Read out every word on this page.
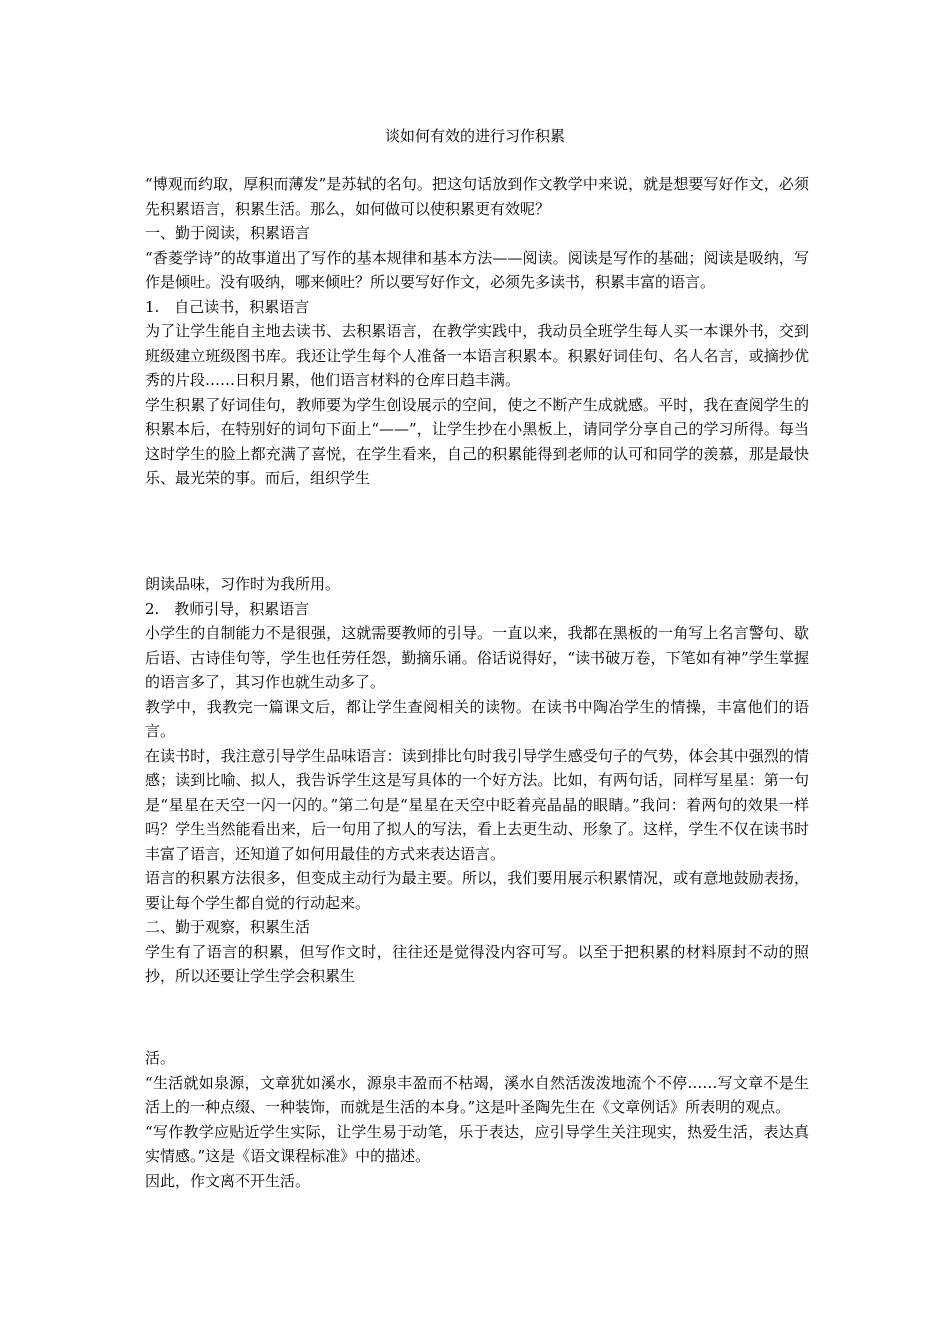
谈如何有效的进行习作积累

“博观而约取，厚积而薄发”是苏轼的名句。把这句话放到作文教学中来说，就是想要写好作文，必须先积累语言，积累生活。那么，如何做可以使积累更有效呢？

一、勤于阅读，积累语言

“香菱学诗”的故事道出了写作的基本规律和基本方法——阅读。阅读是写作的基础；阅读是吸纳，写作是倾吐。没有吸纳，哪来倾吐？所以要写好作文，必须先多读书，积累丰富的语言。

1.　自己读书，积累语言

为了让学生能自主地去读书、去积累语言，在教学实践中，我动员全班学生每人买一本课外书，交到班级建立班级图书库。我还让学生每个人准备一本语言积累本。积累好词佳句、名人名言，或摘抄优秀的片段……日积月累，他们语言材料的仓库日趋丰满。

学生积累了好词佳句，教师要为学生创设展示的空间，使之不断产生成就感。平时，我在查阅学生的积累本后，在特别好的词句下面上“——”，让学生抄在小黑板上，请同学分享自己的学习所得。每当这时学生的脸上都充满了喜悦，在学生看来，自己的积累能得到老师的认可和同学的羡慕，那是最快乐、最光荣的事。而后，组织学生

朗读品味，习作时为我所用。

2.　教师引导，积累语言

小学生的自制能力不是很强，这就需要教师的引导。一直以来，我都在黑板的一角写上名言警句、歇后语、古诗佳句等，学生也任劳任怨，勤摘乐诵。俗话说得好，“读书破万卷，下笔如有神”学生掌握的语言多了，其习作也就生动多了。

教学中，我教完一篇课文后，都让学生查阅相关的读物。在读书中陶冶学生的情操，丰富他们的语言。

在读书时，我注意引导学生品味语言：读到排比句时我引导学生感受句子的气势，体会其中强烈的情感；读到比喻、拟人，我告诉学生这是写具体的一个好方法。比如，有两句话，同样写星星：第一句是“星星在天空一闪一闪的。”第二句是“星星在天空中眨着亮晶晶的眼睛。”我问：着两句的效果一样吗？学生当然能看出来，后一句用了拟人的写法，看上去更生动、形象了。这样，学生不仅在读书时丰富了语言，还知道了如何用最佳的方式来表达语言。

语言的积累方法很多，但变成主动行为最主要。所以，我们要用展示积累情况，或有意地鼓励表扬，要让每个学生都自觉的行动起来。

二、勤于观察，积累生活

学生有了语言的积累，但写作文时，往往还是觉得没内容可写。以至于把积累的材料原封不动的照抄，所以还要让学生学会积累生

活。

“生活就如泉源，文章犹如溪水，源泉丰盈而不枯竭，溪水自然活泼泼地流个不停……写文章不是生活上的一种点缀、一种装饰，而就是生活的本身。”这是叶圣陶先生在《文章例话》所表明的观点。

“写作教学应贴近学生实际，让学生易于动笔，乐于表达，应引导学生关注现实，热爱生活，表达真实情感。”这是《语文课程标准》中的描述。

因此，作文离不开生活。
